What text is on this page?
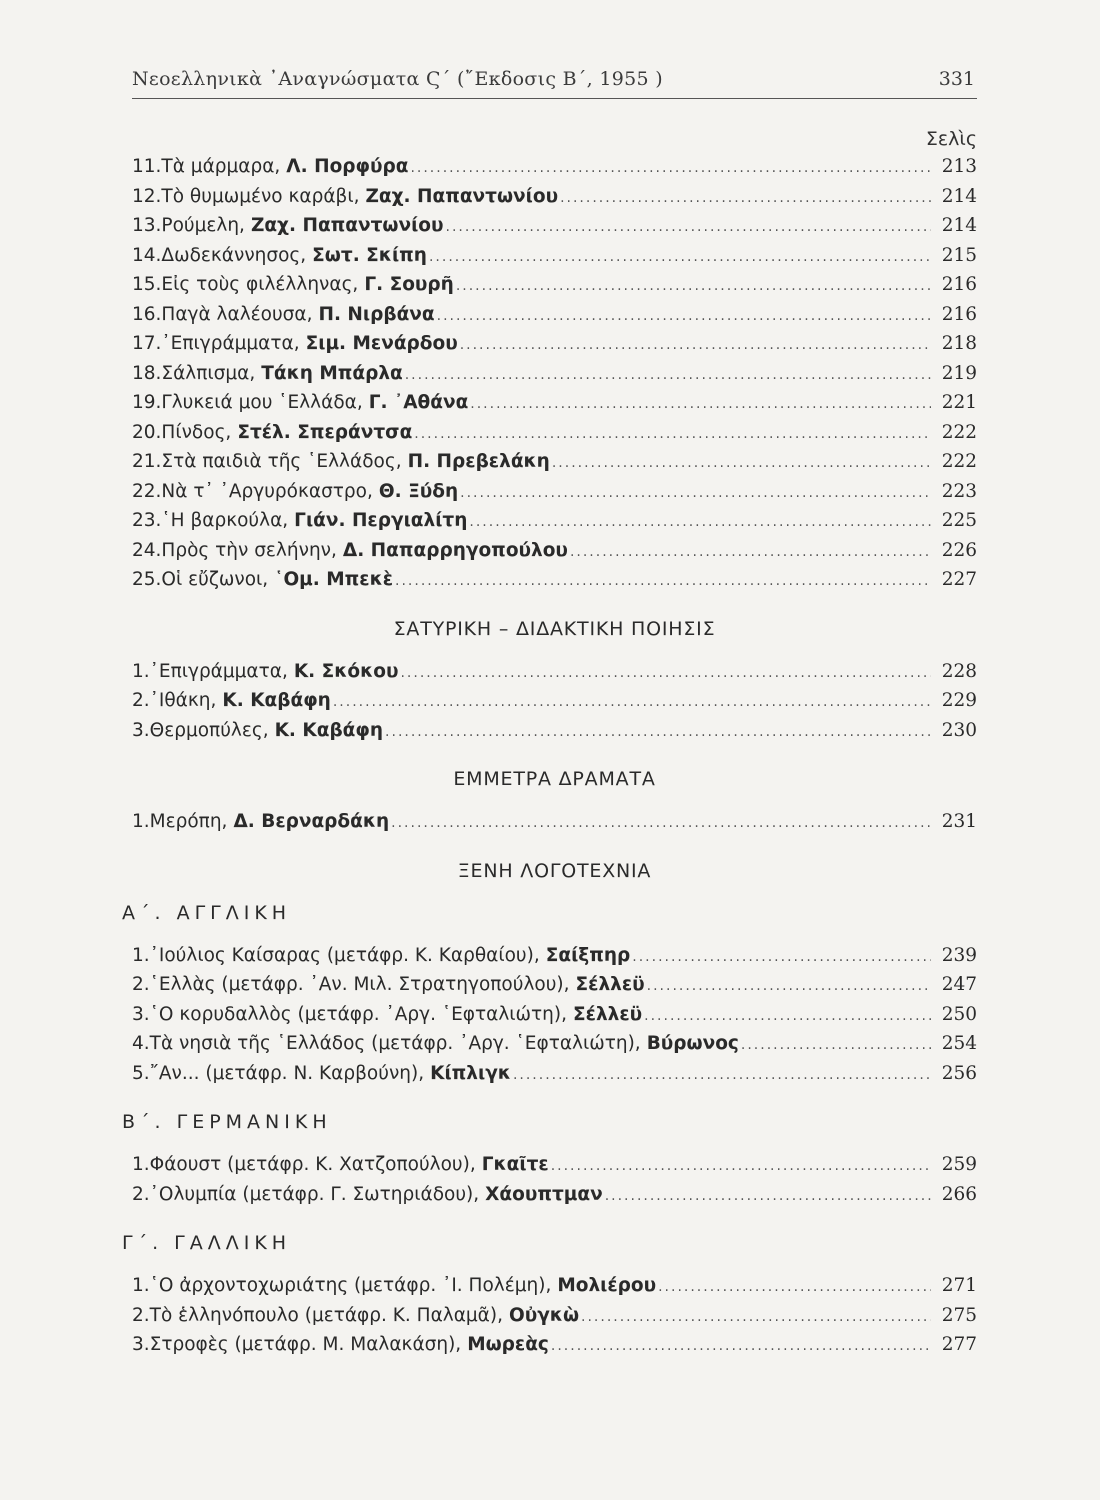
Νεοελληνικὰ ᾿Αναγνώσματα Ϛ΄ (῎Εκδοσις Β΄, 1955 )	331
Σελὶς
11. Τὰ μάρμαρα, Λ. Πορφύρα .....	213
12. Τὸ θυμωμένο καράβι, Ζαχ. Παπαντωνίου .....	214
13. Ρούμελη, Ζαχ. Παπαντωνίου .....	214
14. Δωδεκάννησος, Σωτ. Σκίπη .....	215
15. Εἰς τοὺς φιλέλληνας, Γ. Σουρῆ .....	216
16. Παγὰ λαλέουσα, Π. Νιρβάνα .....	216
17. ᾿Επιγράμματα, Σιμ. Μενάρδου .....	218
18. Σάλπισμα, Τάκη Μπάρλα .....	219
19. Γλυκειά μου ῾Ελλάδα, Γ. ᾿Αθάνα .....	221
20. Πίνδος, Στέλ. Σπεράντσα .....	222
21. Στὰ παιδιὰ τῆς ῾Ελλάδος, Π. Πρεβελάκη .....	222
22. Νὰ τ᾿ ᾿Αργυρόκαστρο, Θ. Ξύδη .....	223
23. ῾Η βαρκούλα, Γιάν. Περγιαλίτη .....	225
24. Πρὸς τὴν σελήνην, Δ. Παπαρρηγοπούλου .....	226
25. Οἱ εὔζωνοι, ῾Ομ. Μπεκὲ .....	227
ΣΑΤΥΡΙΚΗ – ΔΙΔΑΚΤΙΚΗ ΠΟΙΗΣΙΣ
1. ᾿Επιγράμματα, Κ. Σκόκου .....	228
2. ᾿Ιθάκη, Κ. Καβάφη .....	229
3. Θερμοπύλες, Κ. Καβάφη .....	230
ΕΜΜΕΤΡΑ ΔΡΑΜΑΤΑ
1. Μερόπη, Δ. Βερναρδάκη .....	231
ΞΕΝΗ ΛΟΓΟΤΕΧΝΙΑ
Α΄. ΑΓΓΛΙΚΗ
1. ᾿Ιούλιος Καίσαρας (μετάφρ. Κ. Καρθαίου), Σαίξπηρ .....	239
2. ῾Ελλὰς (μετάφρ. ᾿Αν. Μιλ. Στρατηγοπούλου), Σέλλεϋ .....	247
3. ῾Ο κορυδαλλὸς (μετάφρ. ᾿Αργ. ῾Εφταλιώτη), Σέλλεϋ .....	250
4. Τὰ νησιὰ τῆς ῾Ελλάδος (μετάφρ. ᾿Αργ. ῾Εφταλιώτη), Βύρωνος .....	254
5. ῎Αν... (μετάφρ. Ν. Καρβούνη), Κίπλιγκ .....	256
Β΄. ΓΕΡΜΑΝΙΚΗ
1. Φάουστ (μετάφρ. Κ. Χατζοπούλου), Γκαῖτε .....	259
2. ᾿Ολυμπία (μετάφρ. Γ. Σωτηριάδου), Χάουπτμαν .....	266
Γ΄. ΓΑΛΛΙΚΗ
1. ῾Ο ἀρχοντοχωριάτης (μετάφρ. ᾿Ι. Πολέμη), Μολιέρου .....	271
2. Τὸ ἑλληνόπουλο (μετάφρ. Κ. Παλαμᾶ), Οὐγκὼ .....	275
3. Στροφὲς (μετάφρ. Μ. Μαλακάση), Μωρεὰς .....	277
